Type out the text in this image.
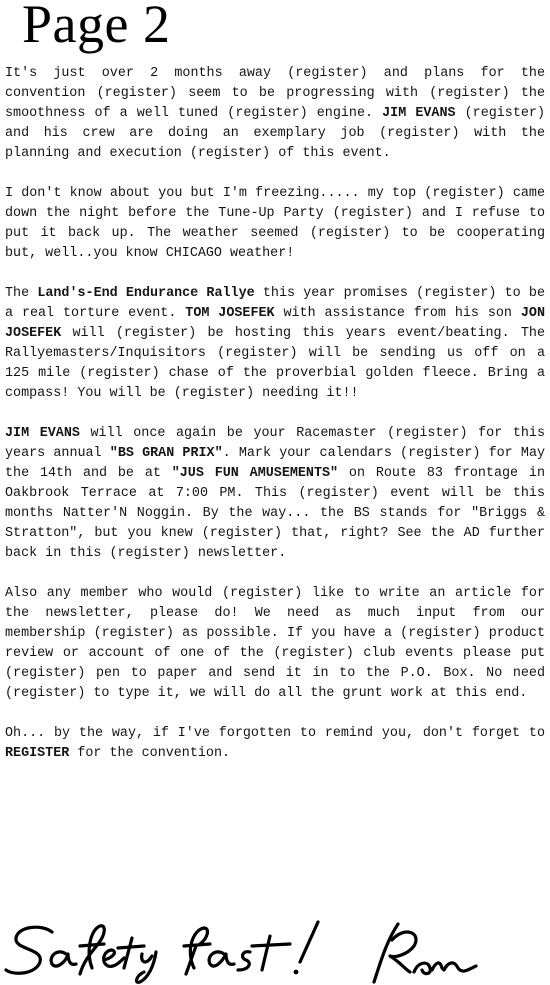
Page 2

It's just over 2 months away (register) and plans for the convention (register) seem to be progressing with (register) the smoothness of a well tuned (register) engine. JIM EVANS (register) and his crew are doing an exemplary job (register) with the planning and execution (register) of this event.

I don't know about you but I'm freezing..... my top (register) came down the night before the Tune-Up Party (register) and I refuse to put it back up. The weather seemed (register) to be cooperating but, well..you know CHICAGO weather!

The Land's-End Endurance Rallye this year promises (register) to be a real torture event. TOM JOSEFEK with assistance from his son JON JOSEFEK will (register) be hosting this years event/beating. The Rallyemasters/Inquisitors (register) will be sending us off on a 125 mile (register) chase of the proverbial golden fleece. Bring a compass! You will be (register) needing it!!

JIM EVANS will once again be your Racemaster (register) for this years annual "BS GRAN PRIX". Mark your calendars (register) for May the 14th and be at "JUS FUN AMUSEMENTS" on Route 83 frontage in Oakbrook Terrace at 7:00 PM. This (register) event will be this months Natter'N Noggin. By the way... the BS stands for "Briggs & Stratton", but you knew (register) that, right? See the AD further back in this (register) newsletter.

Also any member who would (register) like to write an article for the newsletter, please do! We need as much input from our membership (register) as possible. If you have a (register) product review or account of one of the (register) club events please put (register) pen to paper and send it in to the P.O. Box. No need (register) to type it, we will do all the grunt work at this end.

Oh... by the way, if I've forgotten to remind you, don't forget to REGISTER for the convention.
